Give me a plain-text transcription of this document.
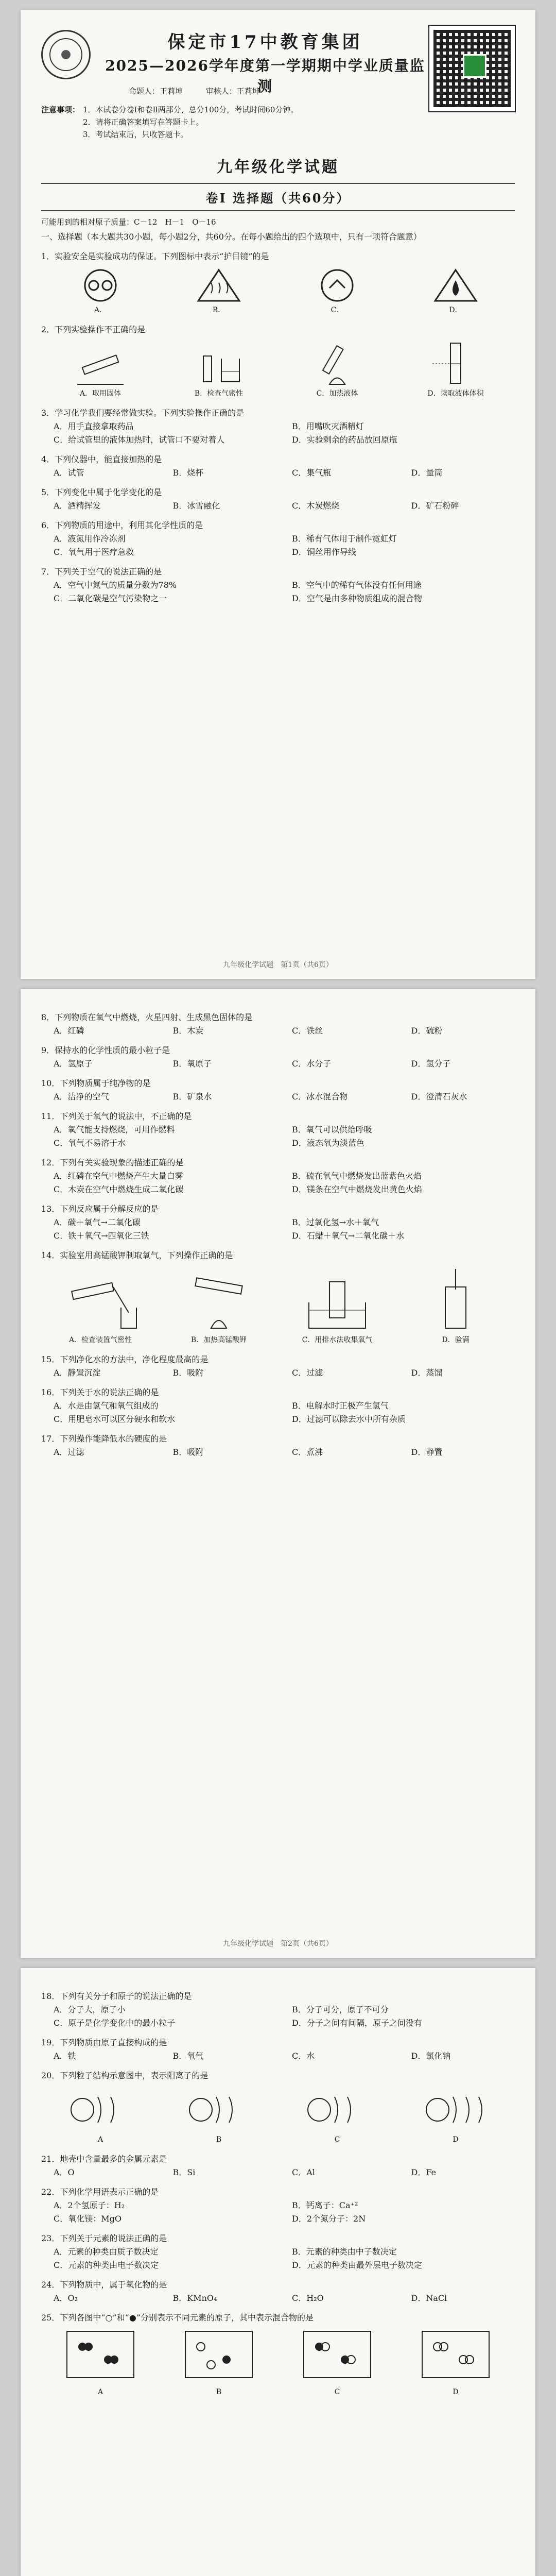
保定市17中教育集团
2025—2026学年度第一学期期中学业质量监测
命题人：王莉坤	审核人：王莉坤
注意事项： 1．本试卷分卷Ⅰ和卷Ⅱ两部分，总分100分，考试时间60分钟。
2．请将正确答案填写在答题卡上。
3．考试结束后，只收答题卡。
九年级化学试题
卷Ⅰ 选择题（共60分）
可能用到的相对原子质量：C－12　H－1　O－16
一、选择题（本大题共30小题，每小题2分，共60分。在每小题给出的四个选项中，只有一项符合题意）
1．实验安全是实验成功的保证。下列图标中表示“护目镜”的是
A．	B．	C．	D．
2．下列实验操作不正确的是
A．取用固体	B．检查气密性	C．加热液体	D．读取液体体积
3．学习化学我们要经常做实验。下列实验操作正确的是
A．用手直接拿取药品	B．用嘴吹灭酒精灯
C．给试管里的液体加热时，试管口不要对着人	D．实验剩余的药品放回原瓶
4．下列仪器中，能直接加热的是
A．试管	B．烧杯	C．集气瓶	D．量筒
5．下列变化中属于化学变化的是
A．酒精挥发	B．冰雪融化	C．木炭燃烧	D．矿石粉碎
6．下列物质的用途中，利用其化学性质的是
A．液氮用作冷冻剂	B．稀有气体用于制作霓虹灯
C．氧气用于医疗急救	D．铜丝用作导线
7．下列关于空气的说法正确的是
A．空气中氮气的质量分数为78%	B．空气中的稀有气体没有任何用途
C．二氧化碳是空气污染物之一	D．空气是由多种物质组成的混合物
九年级化学试题　第1页（共6页）
8．下列物质在氧气中燃烧，火星四射、生成黑色固体的是
A．红磷	B．木炭	C．铁丝	D．硫粉
9．保持水的化学性质的最小粒子是
A．氢原子	B．氧原子	C．水分子	D．氢分子
10．下列物质属于纯净物的是
A．洁净的空气	B．矿泉水	C．冰水混合物	D．澄清石灰水
11．下列关于氧气的说法中，不正确的是
A．氧气能支持燃烧，可用作燃料	B．氧气可以供给呼吸
C．氧气不易溶于水	D．液态氧为淡蓝色
12．下列有关实验现象的描述正确的是
A．红磷在空气中燃烧产生大量白雾	B．硫在氧气中燃烧发出蓝紫色火焰
C．木炭在空气中燃烧生成二氧化碳	D．镁条在空气中燃烧发出黄色火焰
13．下列反应属于分解反应的是
A．碳＋氧气→二氧化碳	B．过氧化氢→水＋氧气
C．铁＋氧气→四氧化三铁	D．石蜡＋氧气→二氧化碳＋水
14．实验室用高锰酸钾制取氧气，下列操作正确的是
A．检查装置气密性	B．加热高锰酸钾	C．用排水法收集氧气	D．验满
15．下列净化水的方法中，净化程度最高的是
A．静置沉淀	B．吸附	C．过滤	D．蒸馏
16．下列关于水的说法正确的是
A．水是由氢气和氧气组成的	B．电解水时正极产生氢气
C．用肥皂水可以区分硬水和软水	D．过滤可以除去水中所有杂质
17．下列操作能降低水的硬度的是
A．过滤	B．吸附	C．煮沸	D．静置
九年级化学试题　第2页（共6页）
18．下列有关分子和原子的说法正确的是
A．分子大，原子小	B．分子可分，原子不可分
C．原子是化学变化中的最小粒子	D．分子之间有间隔，原子之间没有
19．下列物质由原子直接构成的是
A．铁	B．氧气	C．水	D．氯化钠
20．下列粒子结构示意图中，表示阳离子的是
A	B	C	D
21．地壳中含量最多的金属元素是
A．O	B．Si	C．Al	D．Fe
22．下列化学用语表示正确的是
A．2个氢原子：H₂	B．钙离子：Ca⁺²
C．氧化镁：MgO	D．2个氮分子：2N
23．下列关于元素的说法正确的是
A．元素的种类由质子数决定	B．元素的种类由中子数决定
C．元素的种类由电子数决定	D．元素的种类由最外层电子数决定
24．下列物质中，属于氧化物的是
A．O₂	B．KMnO₄	C．H₂O	D．NaCl
25．下列各图中“○”和“●”分别表示不同元素的原子，其中表示混合物的是
A	B	C	D
